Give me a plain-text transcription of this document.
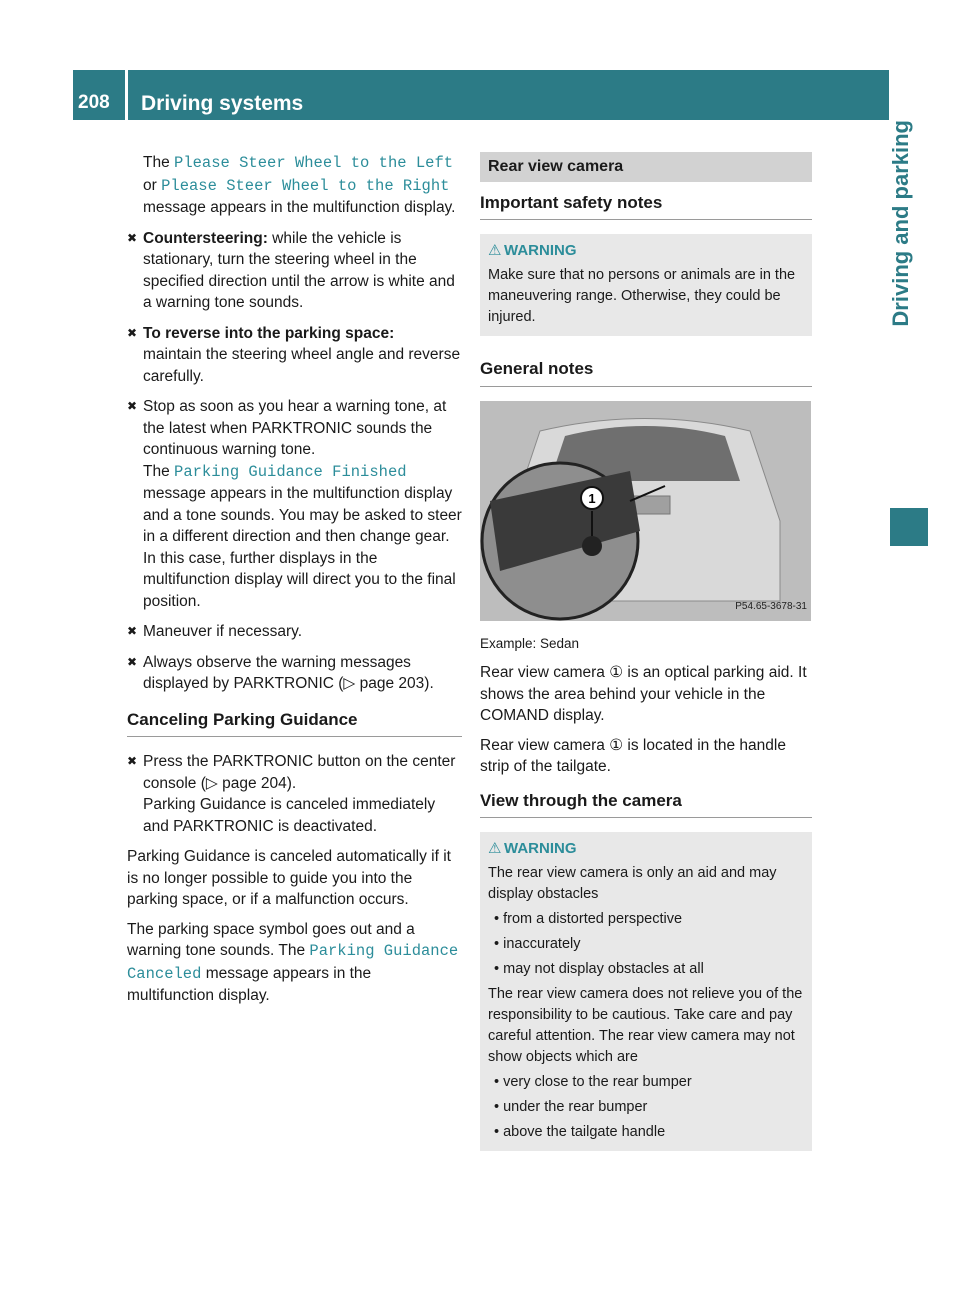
208 Driving systems
Driving and parking

The Please Steer Wheel to the Left
or Please Steer Wheel to the Right
message appears in the multifunction display.

✖ Countersteering: while the vehicle is stationary, turn the steering wheel in the specified direction until the arrow is white and a warning tone sounds.
✖ To reverse into the parking space:
maintain the steering wheel angle and reverse carefully.
✖ Stop as soon as you hear a warning tone, at the latest when PARKTRONIC sounds the continuous warning tone.
The Parking Guidance Finished
message appears in the multifunction display and a tone sounds. You may be asked to steer in a different direction and then change gear. In this case, further displays in the multifunction display will direct you to the final position.
✖ Maneuver if necessary.
✖ Always observe the warning messages displayed by PARKTRONIC (▷ page 203).
Canceling Parking Guidance
✖ Press the PARKTRONIC button on the center console (▷ page 204).
Parking Guidance is canceled immediately and PARKTRONIC is deactivated.

Parking Guidance is canceled automatically if it is no longer possible to guide you into the parking space, or if a malfunction occurs.

The parking space symbol goes out and a warning tone sounds. The Parking Guidance Canceled message appears in the multifunction display.

Rear view camera
Important safety notes
⚠ WARNING
Make sure that no persons or animals are in the maneuvering range. Otherwise, they could be injured.
General notes
1
P54.65-3678-31

Example: Sedan

Rear view camera ① is an optical parking aid. It shows the area behind your vehicle in the COMAND display.

Rear view camera ① is located in the handle strip of the tailgate.

View through the camera
⚠ WARNING
The rear view camera is only an aid and may display obstacles
• from a distorted perspective
• inaccurately
• may not display obstacles at all
The rear view camera does not relieve you of the responsibility to be cautious. Take care and pay careful attention. The rear view camera may not show objects which are
• very close to the rear bumper
• under the rear bumper
• above the tailgate handle
